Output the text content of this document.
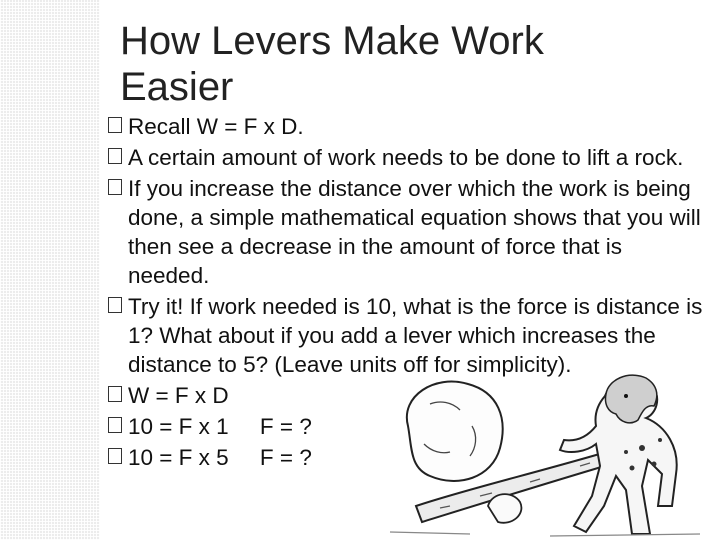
How Levers Make Work Easier
Recall W = F x D.
A certain amount of work needs to be done to lift a rock.
If you increase the distance over which the work is being done, a simple mathematical equation shows that you will then see a decrease in the amount of force that is needed.
Try it! If work needed is 10, what is the force is distance is 1? What about if you add a lever which increases the distance to 5? (Leave units off for simplicity).
W = F x D
10 = F x 1     F = ?
10 = F x 5     F = ?
